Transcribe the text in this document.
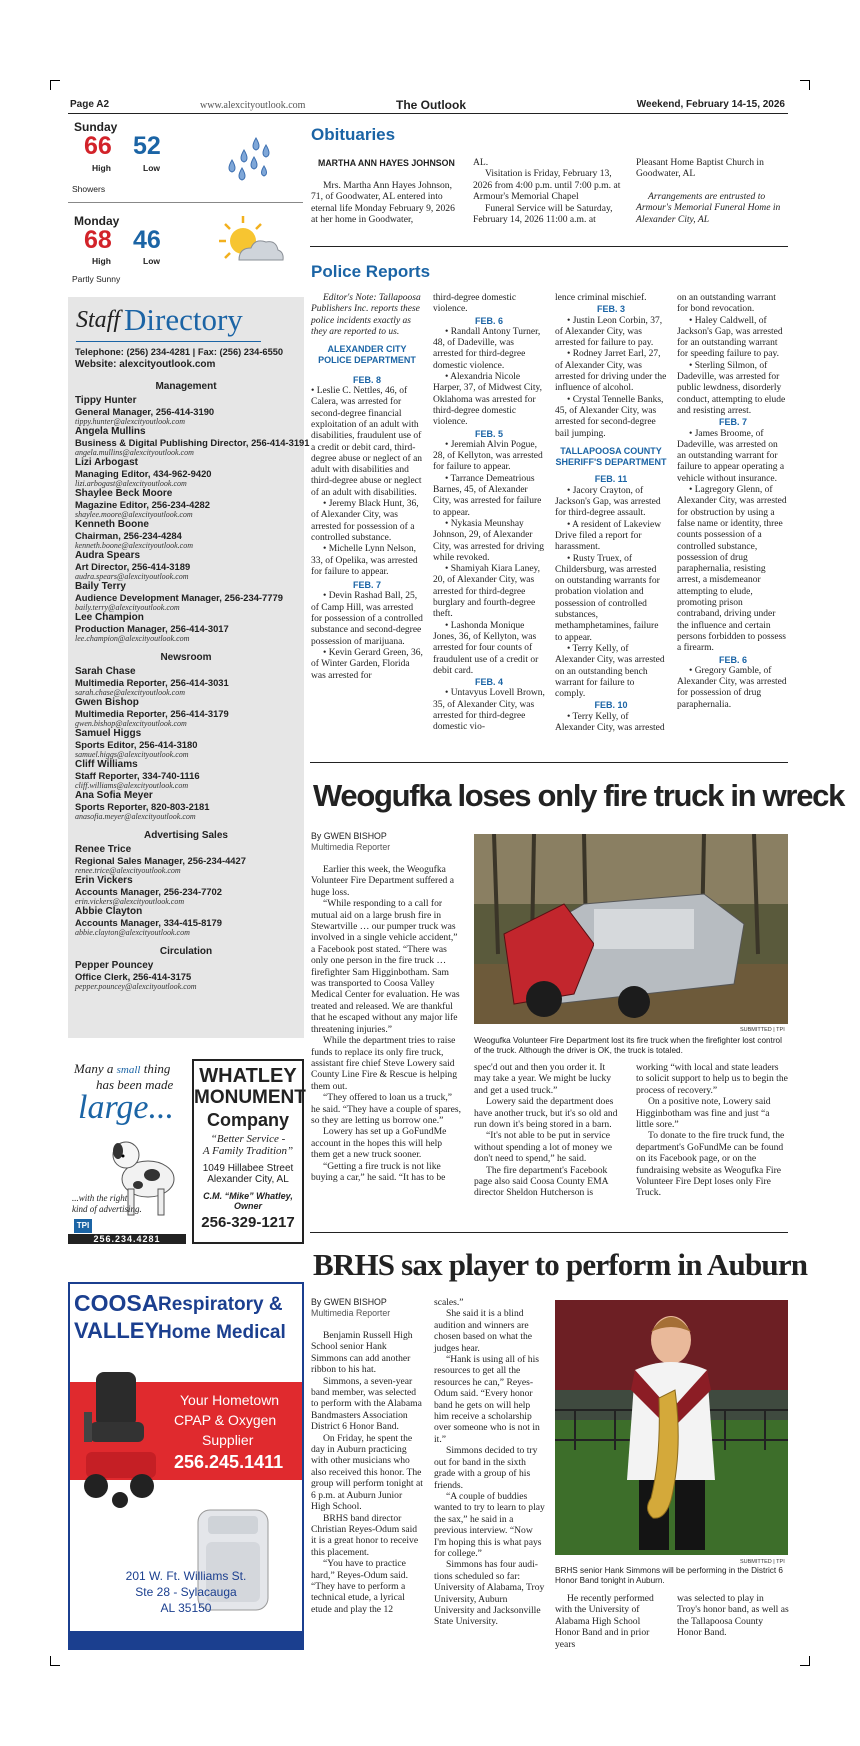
Page A2	www.alexcityoutlook.com	The Outlook	Weekend, February 14-15, 2026
Sunday
66 52
High	Low
Showers
Monday
68 46
High	Low
Partly Sunny
Staff Directory
Telephone: (256) 234-4281 | Fax: (256) 234-6550
Website: alexcityoutlook.com
Management
Tippy Hunter
General Manager, 256-414-3190
tippy.hunter@alexcityoutlook.com
Angela Mullins
Business & Digital Publishing Director, 256-414-3191
angela.mullins@alexcityoutlook.com
Lizi Arbogast
Managing Editor, 434-962-9420
lizi.arbogast@alexcityoutlook.com
Shaylee Beck Moore
Magazine Editor, 256-234-4282
shaylee.moore@alexcityoutlook.com
Kenneth Boone
Chairman, 256-234-4284
kenneth.boone@alexcityoutlook.com
Audra Spears
Art Director, 256-414-3189
audra.spears@alexcityoutlook.com
Baily Terry
Audience Development Manager, 256-234-7779
baily.terry@alexcityoutlook.com
Lee Champion
Production Manager, 256-414-3017
lee.champion@alexcityoutlook.com
Newsroom
Sarah Chase
Multimedia Reporter, 256-414-3031
sarah.chase@alexcityoutlook.com
Gwen Bishop
Multimedia Reporter, 256-414-3179
gwen.bishop@alexcityoutlook.com
Samuel Higgs
Sports Editor, 256-414-3180
samuel.higgs@alexcityoutlook.com
Cliff Williams
Staff Reporter, 334-740-1116
cliff.williams@alexcityoutlook.com
Ana Sofia Meyer
Sports Reporter, 820-803-2181
anasofia.meyer@alexcityoutlook.com
Advertising Sales
Renee Trice
Regional Sales Manager, 256-234-4427
renee.trice@alexcityoutlook.com
Erin Vickers
Accounts Manager, 256-234-7702
erin.vickers@alexcityoutlook.com
Abbie Clayton
Accounts Manager, 334-415-8179
abbie.clayton@alexcityoutlook.com
Circulation
Pepper Pouncey
Office Clerk, 256-414-3175
pepper.pouncey@alexcityoutlook.com
Many a small thing
has been made
large...
...with the right
kind of advertising.
TPI
256.234.4281
WHATLEY
MONUMENT
Company
“Better Service -
A Family Tradition”
1049 Hillabee Street
Alexander City, AL
C.M. “Mike” Whatley,
Owner
256-329-1217
COOSA
VALLEY
Respiratory &
Home Medical
Your Hometown
CPAP & Oxygen
Supplier
256.245.1411
201 W. Ft. Williams St.
Ste 28 - Sylacauga
AL 35150
Obituaries
MARTHA ANN HAYES JOHNSON

Mrs. Martha Ann Hayes Johnson, 71, of Goodwater, AL entered into eternal life Monday February 9, 2026 at her home in Goodwater,

AL.

Visitation is Friday, February 13, 2026 from 4:00 p.m. until 7:00 p.m. at Armour's Memorial Chapel

Funeral Service will be Saturday, February 14, 2026 11:00 a.m. at

Pleasant Home Baptist Church in Goodwater, AL

Arrangements are entrusted to Armour's Memorial Funeral Home in Alexander City, AL

Police Reports

Editor's Note: Tallapoosa Publishers Inc. reports these police incidents exactly as they are reported to us.

ALEXANDER CITY
POLICE DEPARTMENT
FEB. 8

• Leslie C. Nettles, 46, of Calera, was arrested for second-degree financial exploitation of an adult with disabilities, fraudulent use of a credit or debit card, third-degree abuse or neglect of an adult with disabilities and third-degree abuse or neglect of an adult with disabilities.

• Jeremy Black Hunt, 36, of Alexander City, was arrested for possession of a controlled substance.

• Michelle Lynn Nelson, 33, of Opelika, was arrested for failure to appear.

FEB. 7

• Devin Rashad Ball, 25, of Camp Hill, was arrested for possession of a controlled substance and second-degree possession of marijuana.

• Kevin Gerard Green, 36, of Winter Garden, Florida was arrested for

third-degree domestic violence.

FEB. 6

• Randall Antony Turner, 48, of Dadeville, was arrested for third-degree domestic violence.

• Alexandria Nicole Harper, 37, of Midwest City, Oklahoma was arrested for third-degree domestic violence.

FEB. 5

• Jeremiah Alvin Pogue, 28, of Kellyton, was arrested for failure to appear.

• Tarrance Demeatrious Barnes, 45, of Alexander City, was arrested for failure to appear.

• Nykasia Meunshay Johnson, 29, of Alexander City, was arrested for driving while revoked.

• Shamiyah Kiara Laney, 20, of Alexander City, was arrested for third-degree burglary and fourth-degree theft.

• Lashonda Monique Jones, 36, of Kellyton, was arrested for four counts of fraudulent use of a credit or debit card.

FEB. 4

• Untavyus Lovell Brown, 35, of Alexander City, was arrested for third-degree domestic vio-

lence criminal mischief.

FEB. 3

• Justin Leon Corbin, 37, of Alexander City, was arrested for failure to pay.

• Rodney Jarret Earl, 27, of Alexander City, was arrested for driving under the influence of alcohol.

• Crystal Tennelle Banks, 45, of Alexander City, was arrested for second-degree bail jumping.

TALLAPOOSA COUNTY
SHERIFF'S DEPARTMENT
FEB. 11

• Jacory Crayton, of Jackson's Gap, was arrested for third-degree assault.

• A resident of Lakeview Drive filed a report for harassment.

• Rusty Truex, of Childersburg, was arrested on outstanding warrants for probation violation and possession of controlled substances, methamphetamines, failure to appear.

• Terry Kelly, of Alexander City, was arrested on an outstanding bench warrant for failure to comply.

FEB. 10

• Terry Kelly, of Alexander City, was arrested

on an outstanding warrant for bond revocation.

• Haley Caldwell, of Jackson's Gap, was arrested for an outstanding warrant for speeding failure to pay.

• Sterling Silmon, of Dadeville, was arrested for public lewdness, disorderly conduct, attempting to elude and resisting arrest.

FEB. 7

• James Broome, of Dadeville, was arrested on an outstanding warrant for failure to appear operating a vehicle without insurance.

• Lagregory Glenn, of Alexander City, was arrested for obstruction by using a false name or identity, three counts possession of a controlled substance, possession of drug paraphernalia, resisting arrest, a misdemeanor attempting to elude, promoting prison contraband, driving under the influence and certain persons forbidden to possess a firearm.

FEB. 6

• Gregory Gamble, of Alexander City, was arrested for possession of drug paraphernalia.

Weogufka loses only fire truck in wreck
By GWEN BISHOP
Multimedia Reporter

Earlier this week, the Weogufka Volunteer Fire Department suffered a huge loss.

“While responding to a call for mutual aid on a large brush fire in Stewartville … our pumper truck was involved in a single vehicle accident,” a Facebook post stated. “There was only one person in the fire truck … firefighter Sam Higginbotham. Sam was transported to Coosa Valley Medical Center for evaluation. He was treated and released. We are thankful that he escaped without any major life threatening injuries.”

While the department tries to raise funds to replace its only fire truck, assistant fire chief Steve Lowery said County Line Fire & Rescue is helping them out.

“They offered to loan us a truck,” he said. “They have a couple of spares, so they are letting us borrow one.”

Lowery has set up a GoFundMe account in the hopes this will help them get a new truck sooner.

“Getting a fire truck is not like buying a car,” he said. “It has to be

SUBMITTED | TPI
Weogufka Volunteer Fire Department lost its fire truck when the firefighter lost control of the truck. Although the driver is OK, the truck is totaled.

spec'd out and then you order it. It may take a year. We might be lucky and get a used truck.”

Lowery said the department does have another truck, but it's so old and run down it's being stored in a barn.

“It's not able to be put in service without spending a lot of money we don't need to spend,” he said.

The fire department's Facebook page also said Coosa County EMA director Sheldon Hutcherson is

working “with local and state leaders to solicit support to help us to begin the process of recovery.”

On a positive note, Lowery said Higginbotham was fine and just “a little sore.”

To donate to the fire truck fund, the department's GoFundMe can be found on its Facebook page, or on the fundraising website as Weogufka Fire Volunteer Fire Dept loses only Fire Truck.

BRHS sax player to perform in Auburn
By GWEN BISHOP
Multimedia Reporter

Benjamin Russell High School senior Hank Simmons can add another ribbon to his hat.

Simmons, a seven-year band member, was selected to perform with the Alabama Bandmasters Association District 6 Honor Band.

On Friday, he spent the day in Auburn practicing with other musicians who also received this honor. The group will perform tonight at 6 p.m. at Auburn Junior High School.

BRHS band director Christian Reyes-Odum said it is a great honor to receive this placement.

“You have to practice hard,” Reyes-Odum said. “They have to perform a technical etude, a lyrical etude and play the 12

scales.”

She said it is a blind audition and winners are chosen based on what the judges hear.

“Hank is using all of his resources to get all the resources he can,” Reyes-Odum said. “Every honor band he gets on will help him receive a scholarship over someone who is not in it.”

Simmons decided to try out for band in the sixth grade with a group of his friends.

“A couple of buddies wanted to try to learn to play the sax,” he said in a previous interview. “Now I'm hoping this is what pays for college.”

Simmons has four audi-tions scheduled so far: University of Alabama, Troy University, Auburn University and Jacksonville State University.

SUBMITTED | TPI
BRHS senior Hank Simmons will be performing in the District 6 Honor Band tonight in Auburn.

He recently performed with the University of Alabama High School Honor Band and in prior years

was selected to play in Troy's honor band, as well as the Tallapoosa County Honor Band.
